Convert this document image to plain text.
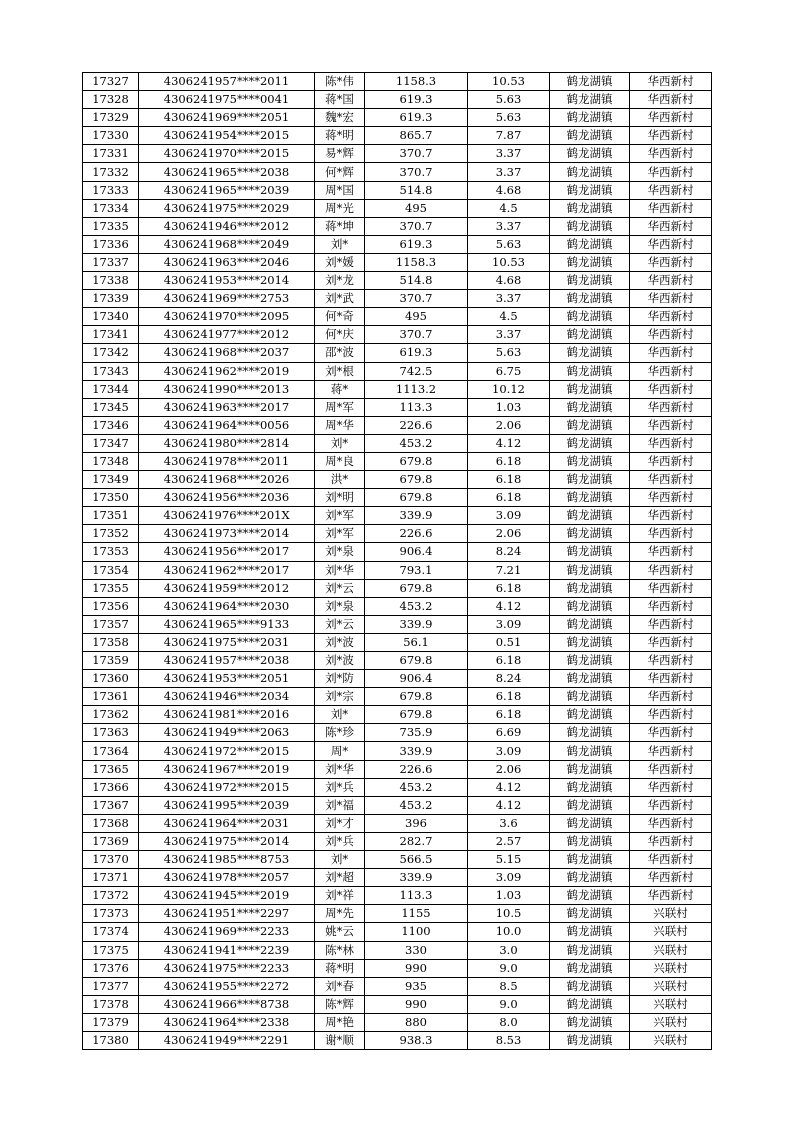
17327	4306241957****2011	陈*伟	1158.3	10.53	鹤龙湖镇	华西新村
17328	4306241975****0041	蒋*国	619.3	5.63	鹤龙湖镇	华西新村
17329	4306241969****2051	魏*宏	619.3	5.63	鹤龙湖镇	华西新村
17330	4306241954****2015	蒋*明	865.7	7.87	鹤龙湖镇	华西新村
17331	4306241970****2015	易*辉	370.7	3.37	鹤龙湖镇	华西新村
17332	4306241965****2038	何*辉	370.7	3.37	鹤龙湖镇	华西新村
17333	4306241965****2039	周*国	514.8	4.68	鹤龙湖镇	华西新村
17334	4306241975****2029	周*光	495	4.5	鹤龙湖镇	华西新村
17335	4306241946****2012	蒋*坤	370.7	3.37	鹤龙湖镇	华西新村
17336	4306241968****2049	刘*	619.3	5.63	鹤龙湖镇	华西新村
17337	4306241963****2046	刘*媛	1158.3	10.53	鹤龙湖镇	华西新村
17338	4306241953****2014	刘*龙	514.8	4.68	鹤龙湖镇	华西新村
17339	4306241969****2753	刘*武	370.7	3.37	鹤龙湖镇	华西新村
17340	4306241970****2095	何*奇	495	4.5	鹤龙湖镇	华西新村
17341	4306241977****2012	何*庆	370.7	3.37	鹤龙湖镇	华西新村
17342	4306241968****2037	邵*波	619.3	5.63	鹤龙湖镇	华西新村
17343	4306241962****2019	刘*根	742.5	6.75	鹤龙湖镇	华西新村
17344	4306241990****2013	蒋*	1113.2	10.12	鹤龙湖镇	华西新村
17345	4306241963****2017	周*军	113.3	1.03	鹤龙湖镇	华西新村
17346	4306241964****0056	周*华	226.6	2.06	鹤龙湖镇	华西新村
17347	4306241980****2814	刘*	453.2	4.12	鹤龙湖镇	华西新村
17348	4306241978****2011	周*良	679.8	6.18	鹤龙湖镇	华西新村
17349	4306241968****2026	洪*	679.8	6.18	鹤龙湖镇	华西新村
17350	4306241956****2036	刘*明	679.8	6.18	鹤龙湖镇	华西新村
17351	4306241976****201X	刘*军	339.9	3.09	鹤龙湖镇	华西新村
17352	4306241973****2014	刘*军	226.6	2.06	鹤龙湖镇	华西新村
17353	4306241956****2017	刘*泉	906.4	8.24	鹤龙湖镇	华西新村
17354	4306241962****2017	刘*华	793.1	7.21	鹤龙湖镇	华西新村
17355	4306241959****2012	刘*云	679.8	6.18	鹤龙湖镇	华西新村
17356	4306241964****2030	刘*泉	453.2	4.12	鹤龙湖镇	华西新村
17357	4306241965****9133	刘*云	339.9	3.09	鹤龙湖镇	华西新村
17358	4306241975****2031	刘*波	56.1	0.51	鹤龙湖镇	华西新村
17359	4306241957****2038	刘*波	679.8	6.18	鹤龙湖镇	华西新村
17360	4306241953****2051	刘*防	906.4	8.24	鹤龙湖镇	华西新村
17361	4306241946****2034	刘*宗	679.8	6.18	鹤龙湖镇	华西新村
17362	4306241981****2016	刘*	679.8	6.18	鹤龙湖镇	华西新村
17363	4306241949****2063	陈*珍	735.9	6.69	鹤龙湖镇	华西新村
17364	4306241972****2015	周*	339.9	3.09	鹤龙湖镇	华西新村
17365	4306241967****2019	刘*华	226.6	2.06	鹤龙湖镇	华西新村
17366	4306241972****2015	刘*兵	453.2	4.12	鹤龙湖镇	华西新村
17367	4306241995****2039	刘*福	453.2	4.12	鹤龙湖镇	华西新村
17368	4306241964****2031	刘*才	396	3.6	鹤龙湖镇	华西新村
17369	4306241975****2014	刘*兵	282.7	2.57	鹤龙湖镇	华西新村
17370	4306241985****8753	刘*	566.5	5.15	鹤龙湖镇	华西新村
17371	4306241978****2057	刘*超	339.9	3.09	鹤龙湖镇	华西新村
17372	4306241945****2019	刘*祥	113.3	1.03	鹤龙湖镇	华西新村
17373	4306241951****2297	周*先	1155	10.5	鹤龙湖镇	兴联村
17374	4306241969****2233	姚*云	1100	10.0	鹤龙湖镇	兴联村
17375	4306241941****2239	陈*林	330	3.0	鹤龙湖镇	兴联村
17376	4306241975****2233	蒋*明	990	9.0	鹤龙湖镇	兴联村
17377	4306241955****2272	刘*春	935	8.5	鹤龙湖镇	兴联村
17378	4306241966****8738	陈*辉	990	9.0	鹤龙湖镇	兴联村
17379	4306241964****2338	周*艳	880	8.0	鹤龙湖镇	兴联村
17380	4306241949****2291	谢*顺	938.3	8.53	鹤龙湖镇	兴联村
